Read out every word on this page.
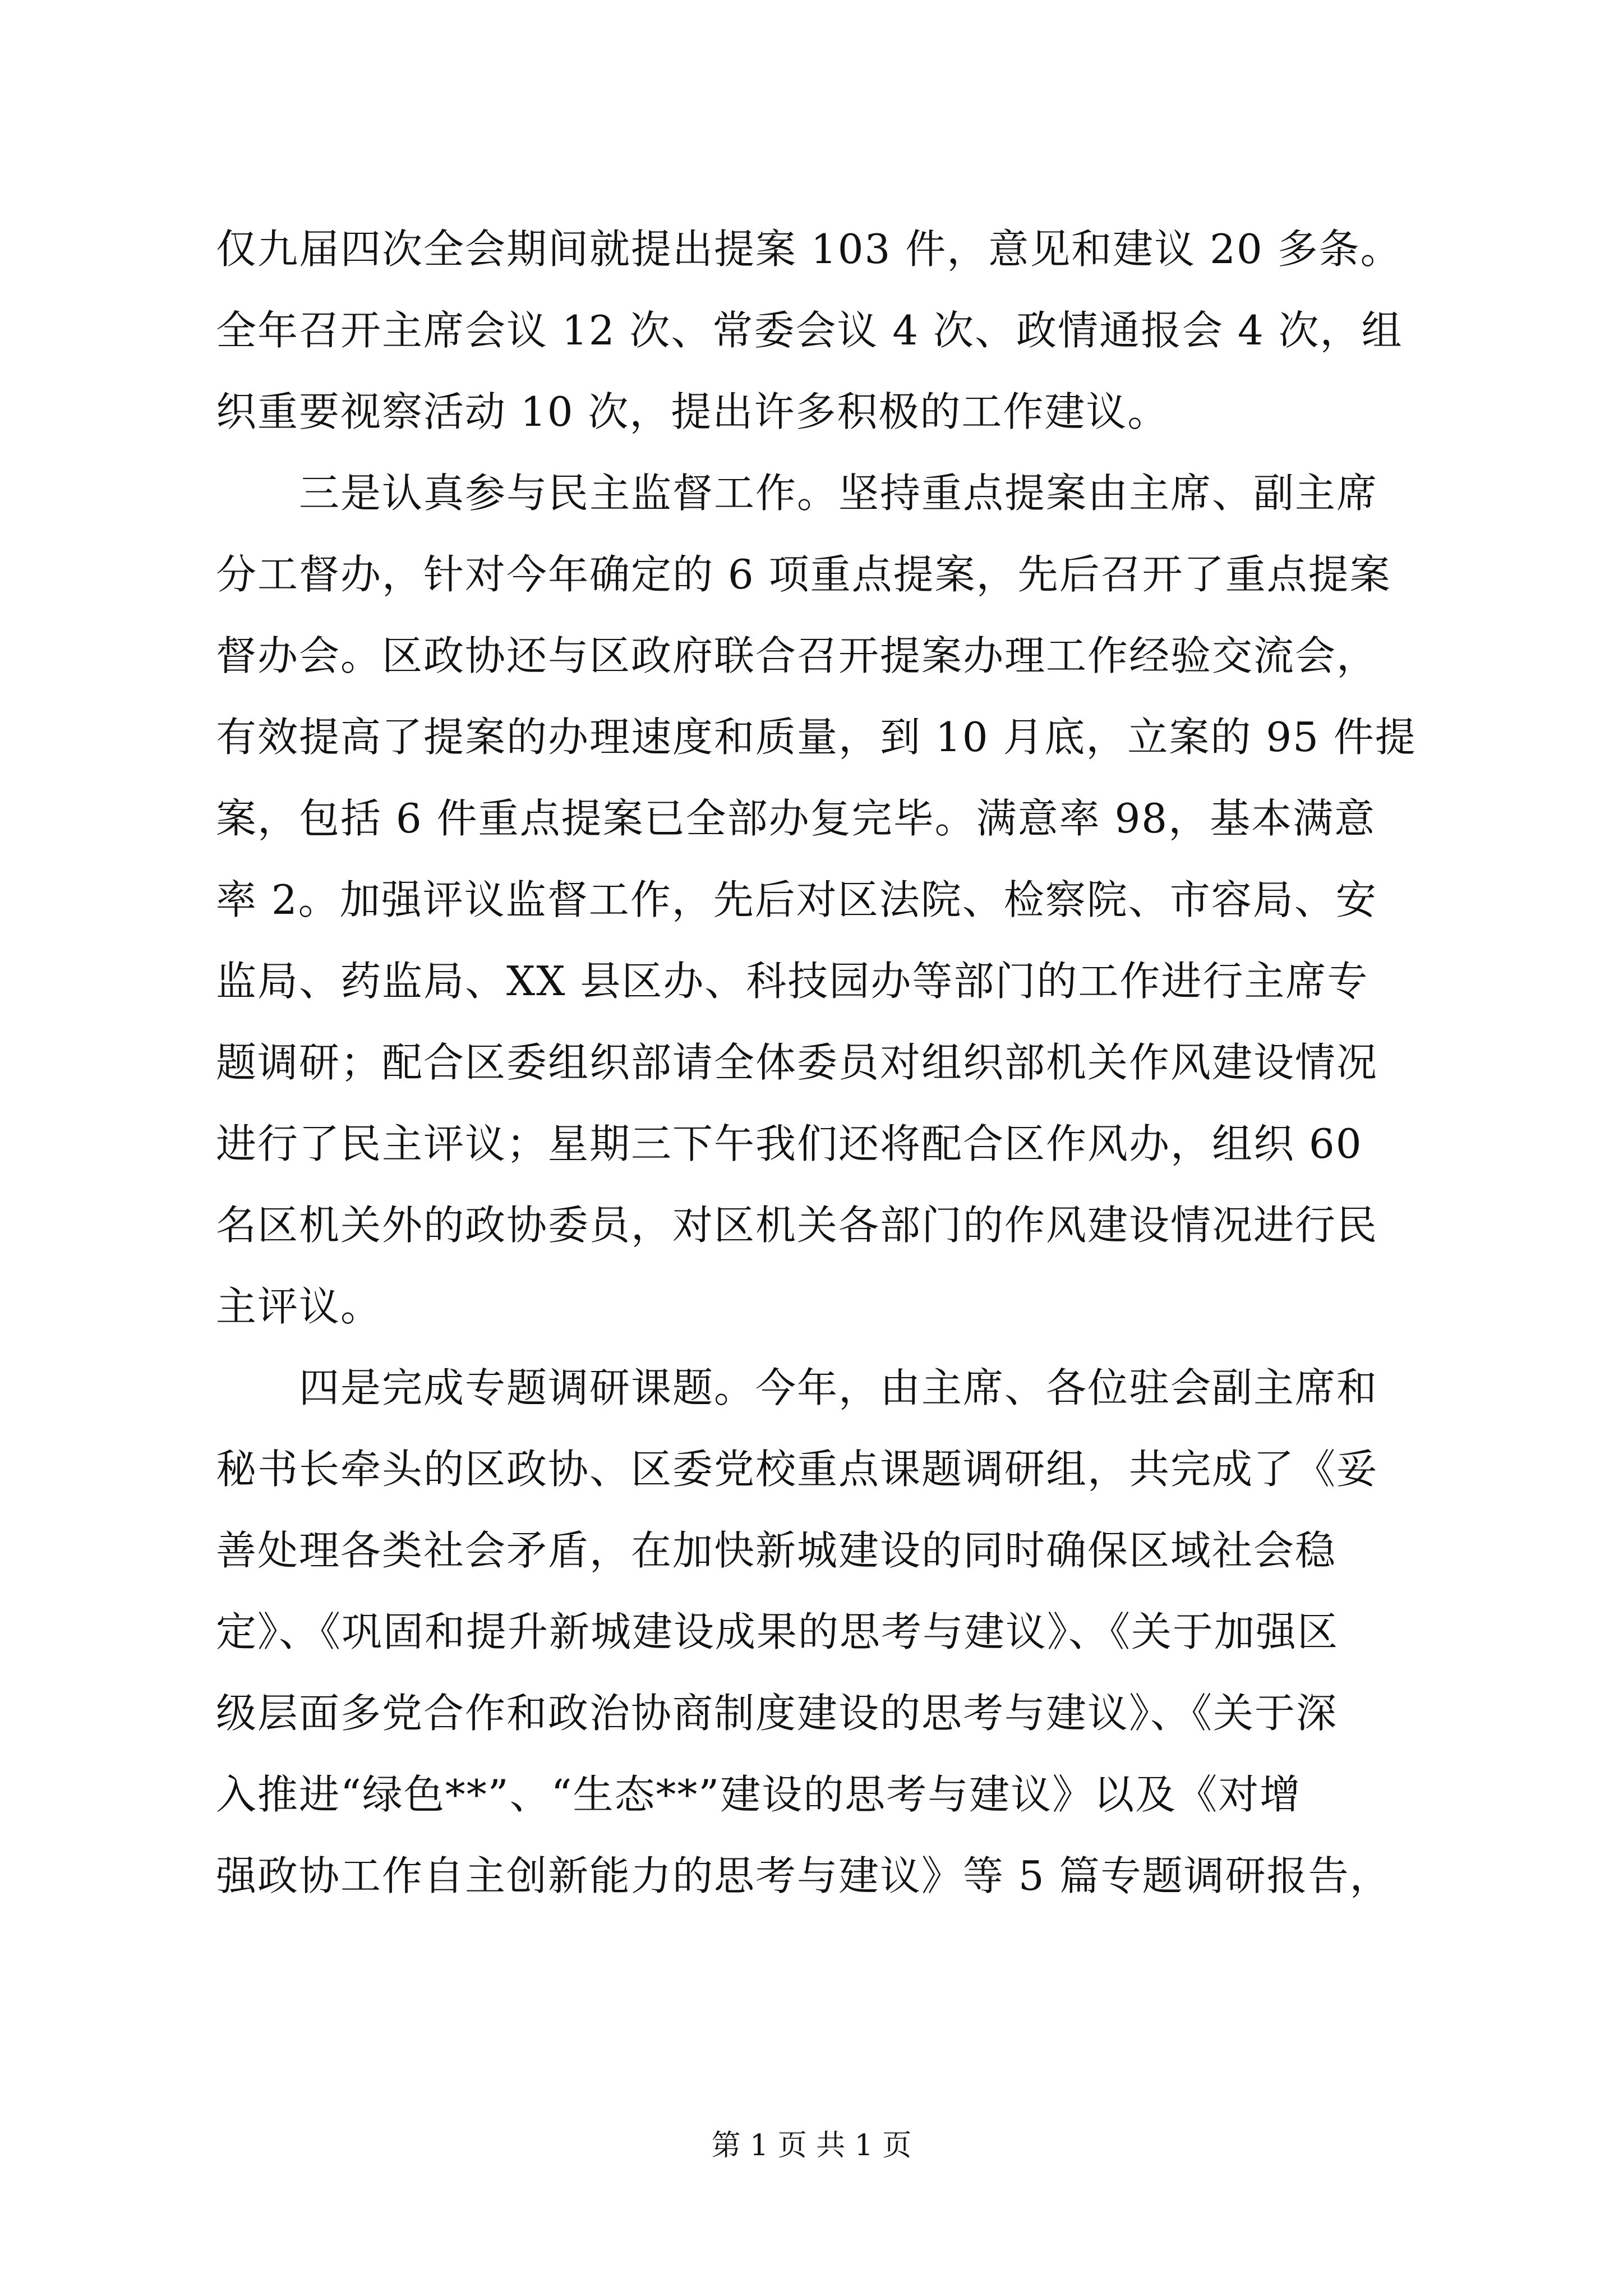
仅九届四次全会期间就提出提案 103 件，意见和建议 20 多条。
全年召开主席会议 12 次、常委会议 4 次、政情通报会 4 次，组
织重要视察活动 10 次，提出许多积极的工作建议。
　　三是认真参与民主监督工作。坚持重点提案由主席、副主席
分工督办，针对今年确定的 6 项重点提案，先后召开了重点提案
督办会。区政协还与区政府联合召开提案办理工作经验交流会，
有效提高了提案的办理速度和质量，到 10 月底，立案的 95 件提
案，包括 6 件重点提案已全部办复完毕。满意率 98，基本满意
率 2。加强评议监督工作，先后对区法院、检察院、市容局、安
监局、药监局、XX 县区办、科技园办等部门的工作进行主席专
题调研；配合区委组织部请全体委员对组织部机关作风建设情况
进行了民主评议；星期三下午我们还将配合区作风办，组织 60
名区机关外的政协委员，对区机关各部门的作风建设情况进行民
主评议。
　　四是完成专题调研课题。今年，由主席、各位驻会副主席和
秘书长牵头的区政协、区委党校重点课题调研组，共完成了《妥
善处理各类社会矛盾，在加快新城建设的同时确保区域社会稳
定》、《巩固和提升新城建设成果的思考与建议》、《关于加强区
级层面多党合作和政治协商制度建设的思考与建议》、《关于深
入推进“绿色**”、“生态**”建设的思考与建议》以及《对增
强政协工作自主创新能力的思考与建议》等 5 篇专题调研报告，
第 1 页 共 1 页
